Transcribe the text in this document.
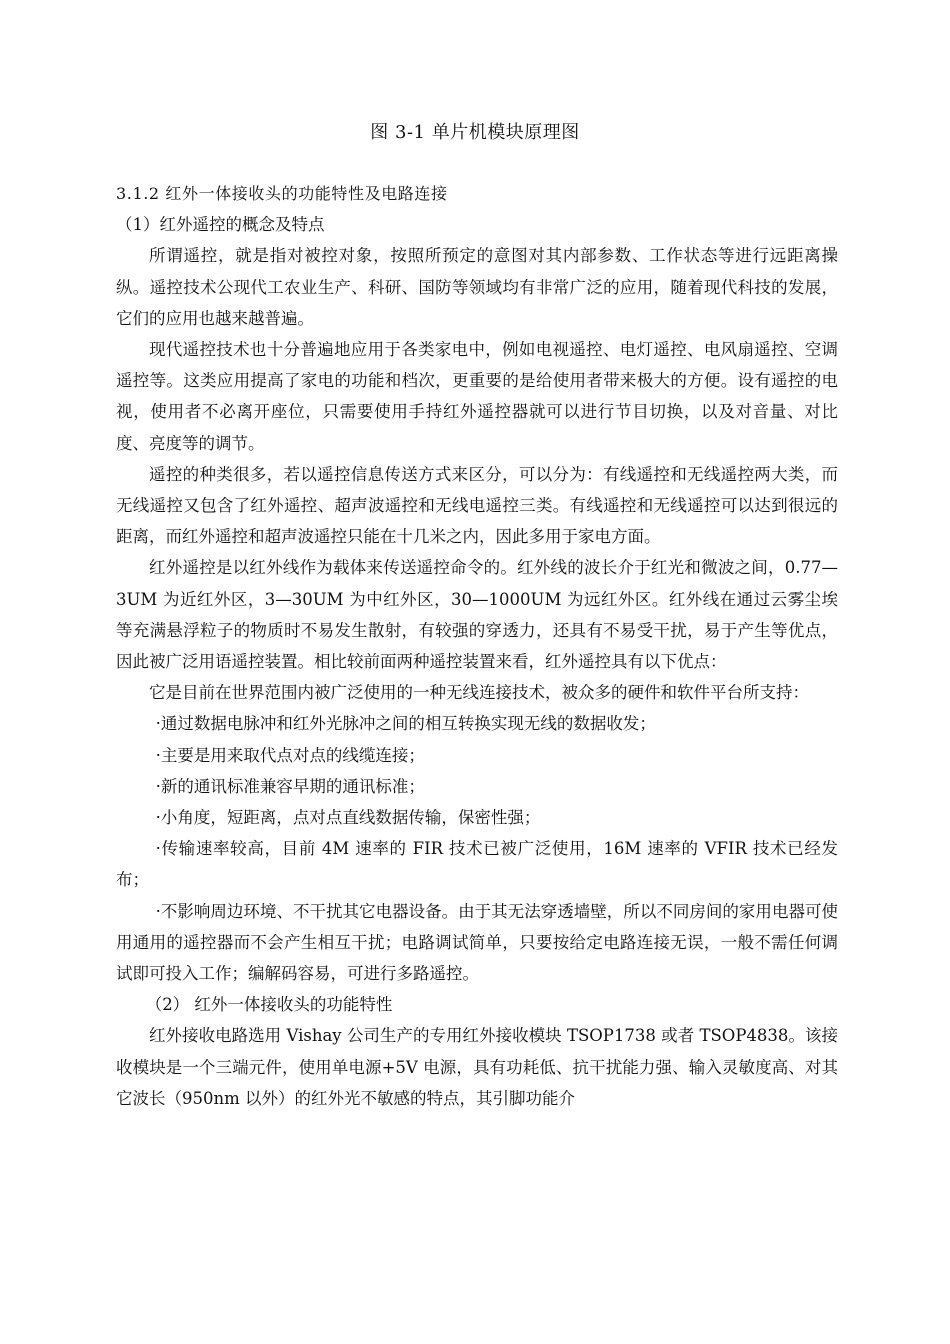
图 3-1 单片机模块原理图

3.1.2 红外一体接收头的功能特性及电路连接

（1）红外遥控的概念及特点

所谓遥控，就是指对被控对象，按照所预定的意图对其内部参数、工作状态等进行远距离操纵。遥控技术公现代工农业生产、科研、国防等领域均有非常广泛的应用，随着现代科技的发展，它们的应用也越来越普遍。

现代遥控技术也十分普遍地应用于各类家电中，例如电视遥控、电灯遥控、电风扇遥控、空调遥控等。这类应用提高了家电的功能和档次，更重要的是给使用者带来极大的方便。设有遥控的电视，使用者不必离开座位，只需要使用手持红外遥控器就可以进行节目切换，以及对音量、对比度、亮度等的调节。

遥控的种类很多，若以遥控信息传送方式来区分，可以分为：有线遥控和无线遥控两大类，而无线遥控又包含了红外遥控、超声波遥控和无线电遥控三类。有线遥控和无线遥控可以达到很远的距离，而红外遥控和超声波遥控只能在十几米之内，因此多用于家电方面。

红外遥控是以红外线作为载体来传送遥控命令的。红外线的波长介于红光和微波之间，0.77—3UM 为近红外区，3—30UM 为中红外区，30—1000UM 为远红外区。红外线在通过云雾尘埃等充满悬浮粒子的物质时不易发生散射，有较强的穿透力，还具有不易受干扰，易于产生等优点，因此被广泛用语遥控装置。相比较前面两种遥控装置来看，红外遥控具有以下优点：

它是目前在世界范围内被广泛使用的一种无线连接技术，被众多的硬件和软件平台所支持：

·通过数据电脉冲和红外光脉冲之间的相互转换实现无线的数据收发；

·主要是用来取代点对点的线缆连接；

·新的通讯标准兼容早期的通讯标准；

·小角度，短距离，点对点直线数据传输，保密性强；

·传输速率较高，目前 4M 速率的 FIR 技术已被广泛使用，16M 速率的 VFIR 技术已经发布；

·不影响周边环境、不干扰其它电器设备。由于其无法穿透墙壁，所以不同房间的家用电器可使用通用的遥控器而不会产生相互干扰；电路调试简单，只要按给定电路连接无误，一般不需任何调试即可投入工作；编解码容易，可进行多路遥控。

（2） 红外一体接收头的功能特性

红外接收电路选用 Vishay 公司生产的专用红外接收模块 TSOP1738 或者 TSOP4838。该接收模块是一个三端元件，使用单电源+5V 电源，具有功耗低、抗干扰能力强、输入灵敏度高、对其它波长（950nm 以外）的红外光不敏感的特点，其引脚功能介
